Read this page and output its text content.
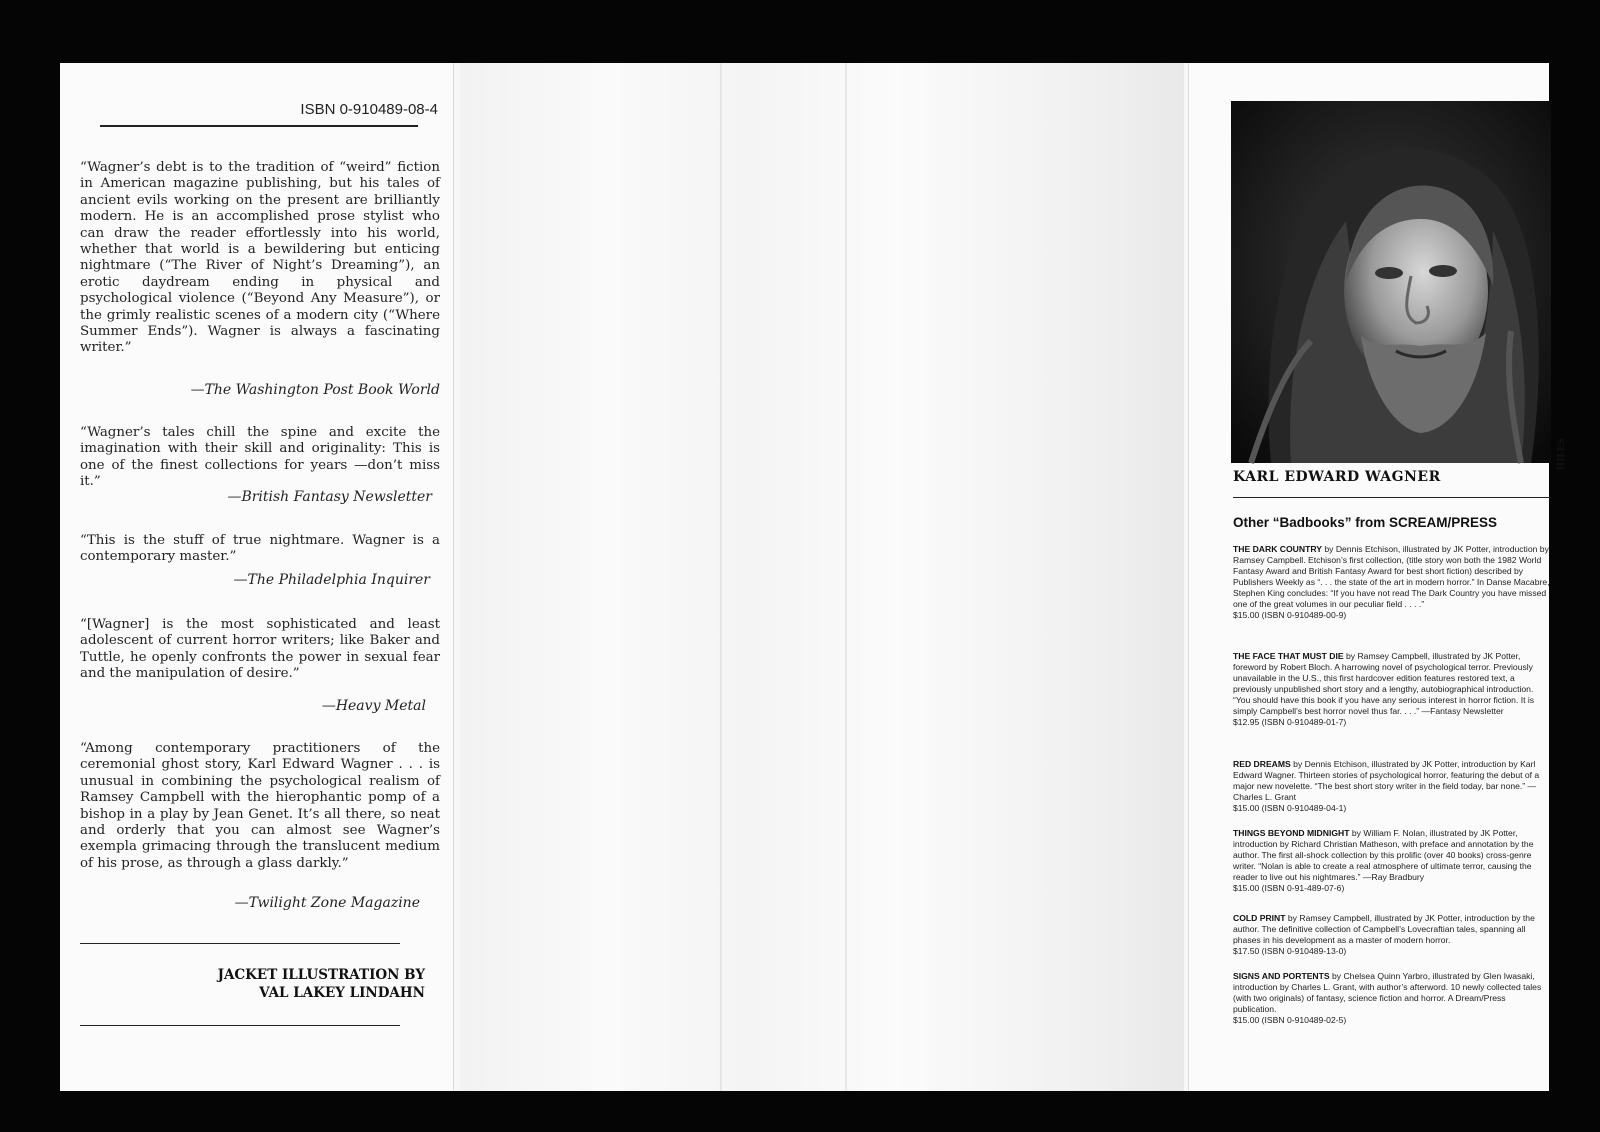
ISBN 0-910489-08-4
“Wagner’s debt is to the tradition of “weird” fiction in American magazine publishing, but his tales of ancient evils working on the present are brilliantly modern. He is an accomplished prose stylist who can draw the reader effortlessly into his world, whether that world is a bewildering but enticing nightmare (“The River of Night’s Dreaming”), an erotic daydream ending in physical and psychological violence (“Beyond Any Measure”), or the grimly realistic scenes of a modern city (“Where Summer Ends”). Wagner is always a fascinating writer.”
—The Washington Post Book World
“Wagner’s tales chill the spine and excite the imagination with their skill and originality: This is one of the finest collections for years —don’t miss it.”
—British Fantasy Newsletter
“This is the stuff of true nightmare. Wagner is a contemporary master.”
—The Philadelphia Inquirer
“[Wagner] is the most sophisticated and least adolescent of current horror writers; like Baker and Tuttle, he openly confronts the power in sexual fear and the manipulation of desire.”
—Heavy Metal
“Among contemporary practitioners of the ceremonial ghost story, Karl Edward Wagner . . . is unusual in combining the psychological realism of Ramsey Campbell with the hierophantic pomp of a bishop in a play by Jean Genet. It’s all there, so neat and orderly that you can almost see Wagner’s exempla grimacing through the translucent medium of his prose, as through a glass darkly.”
—Twilight Zone Magazine
JACKET ILLUSTRATION BY
VAL LAKEY LINDAHN
HILES
KARL EDWARD WAGNER
Other “Badbooks” from SCREAM/PRESS
THE DARK COUNTRY by Dennis Etchison, illustrated by JK Potter, introduction by Ramsey Campbell. Etchison’s first collection, (title story won both the 1982 World Fantasy Award and British Fantasy Award for best short fiction) described by Publishers Weekly as “. . . the state of the art in modern horror.” In Danse Macabre, Stephen King concludes: “If you have not read The Dark Country you have missed one of the great volumes in our peculiar field . . . .”
$15.00 (ISBN 0-910489-00-9)
THE FACE THAT MUST DIE by Ramsey Campbell, illustrated by JK Potter, foreword by Robert Bloch. A harrowing novel of psychological terror. Previously unavailable in the U.S., this first hardcover edition features restored text, a previously unpublished short story and a lengthy, autobiographical introduction. “You should have this book if you have any serious interest in horror fiction. It is simply Campbell’s best horror novel thus far. . . .” —Fantasy Newsletter
$12.95 (ISBN 0-910489-01-7)
RED DREAMS by Dennis Etchison, illustrated by JK Potter, introduction by Karl Edward Wagner. Thirteen stories of psychological horror, featuring the debut of a major new novelette. “The best short story writer in the field today, bar none.” —Charles L. Grant
$15.00 (ISBN 0-910489-04-1)
THINGS BEYOND MIDNIGHT by William F. Nolan, illustrated by JK Potter, introduction by Richard Christian Matheson, with preface and annotation by the author. The first all-shock collection by this prolific (over 40 books) cross-genre writer. “Nolan is able to create a real atmosphere of ultimate terror, causing the reader to live out his nightmares.” —Ray Bradbury
$15.00 (ISBN 0-91-489-07-6)
COLD PRINT by Ramsey Campbell, illustrated by JK Potter, introduction by the author. The definitive collection of Campbell’s Lovecraftian tales, spanning all phases in his development as a master of modern horror.
$17.50 (ISBN 0-910489-13-0)
SIGNS AND PORTENTS by Chelsea Quinn Yarbro, illustrated by Glen Iwasaki, introduction by Charles L. Grant, with author’s afterword. 10 newly collected tales (with two originals) of fantasy, science fiction and horror. A Dream/Press publication.
$15.00 (ISBN 0-910489-02-5)
